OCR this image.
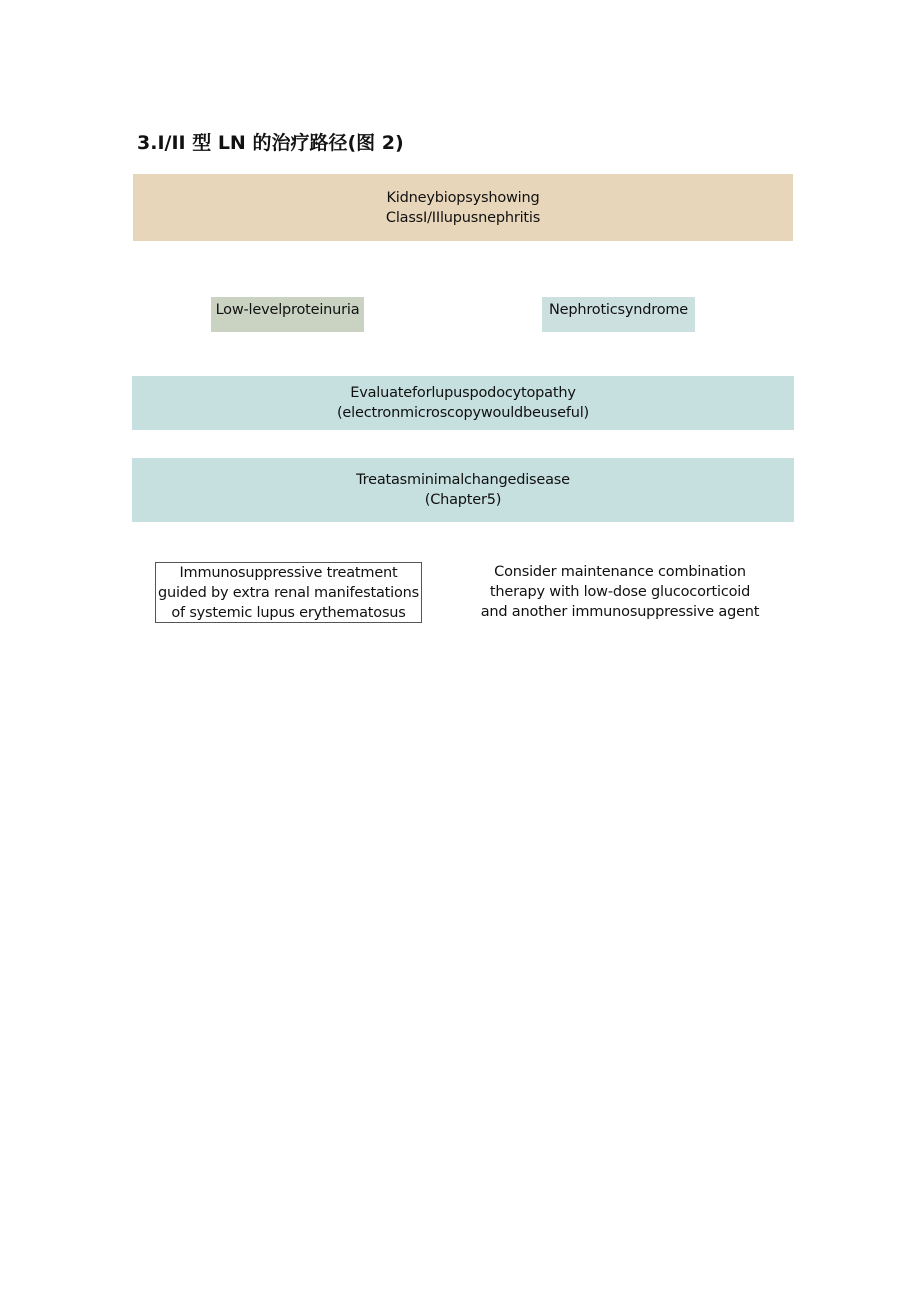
3.I/II 型 LN 的治疗路径(图 2)
Kidneybiopsyshowing
ClassI/IIlupusnephritis
Low-levelproteinuria	Nephroticsyndrome
Evaluateforlupuspodocytopathy
(electronmicroscopywouldbeuseful)
Treatasminimalchangedisease
(Chapter5)
Immunosuppressive treatment
guided by extra renal manifestations
of systemic lupus erythematosus
Consider maintenance combination
therapy with low-dose glucocorticoid
and another immunosuppressive agent
